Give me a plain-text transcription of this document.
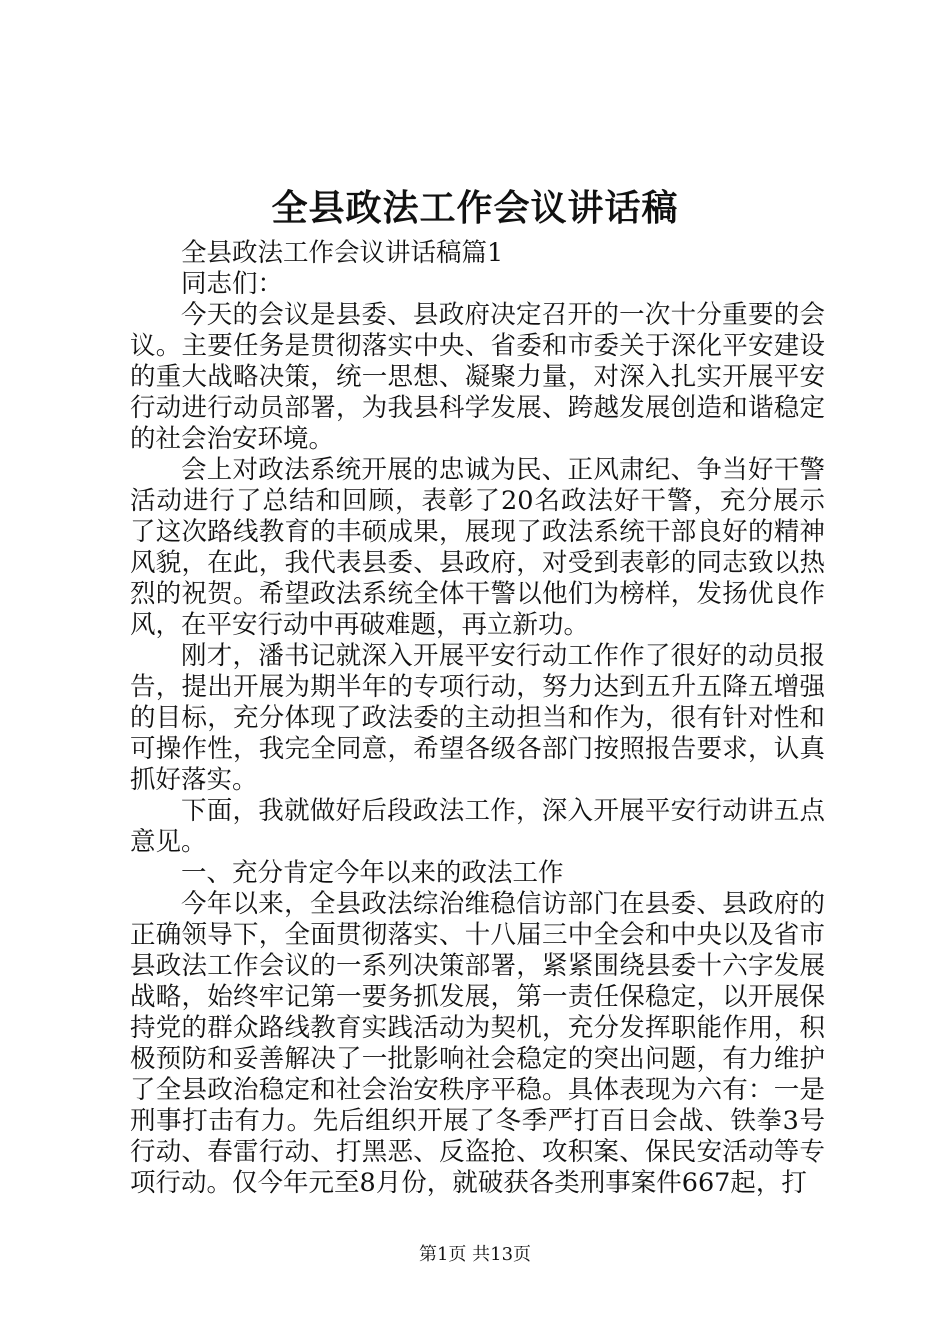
全县政法工作会议讲话稿

全县政法工作会议讲话稿篇1

同志们：

今天的会议是县委、县政府决定召开的一次十分重要的会议。主要任务是贯彻落实中央、省委和市委关于深化平安建设的重大战略决策，统一思想、凝聚力量，对深入扎实开展平安行动进行动员部署，为我县科学发展、跨越发展创造和谐稳定的社会治安环境。

会上对政法系统开展的忠诚为民、正风肃纪、争当好干警活动进行了总结和回顾，表彰了20名政法好干警，充分展示了这次路线教育的丰硕成果，展现了政法系统干部良好的精神风貌，在此，我代表县委、县政府，对受到表彰的同志致以热烈的祝贺。希望政法系统全体干警以他们为榜样，发扬优良作风，在平安行动中再破难题，再立新功。

刚才，潘书记就深入开展平安行动工作作了很好的动员报告，提出开展为期半年的专项行动，努力达到五升五降五增强的目标，充分体现了政法委的主动担当和作为，很有针对性和可操作性，我完全同意，希望各级各部门按照报告要求，认真抓好落实。

下面，我就做好后段政法工作，深入开展平安行动讲五点意见。

一、充分肯定今年以来的政法工作

今年以来，全县政法综治维稳信访部门在县委、县政府的正确领导下，全面贯彻落实、十八届三中全会和中央以及省市县政法工作会议的一系列决策部署，紧紧围绕县委十六字发展战略，始终牢记第一要务抓发展，第一责任保稳定，以开展保持党的群众路线教育实践活动为契机，充分发挥职能作用，积极预防和妥善解决了一批影响社会稳定的突出问题，有力维护了全县政治稳定和社会治安秩序平稳。具体表现为六有：一是刑事打击有力。先后组织开展了冬季严打百日会战、铁拳3号行动、春雷行动、打黑恶、反盗抢、攻积案、保民安活动等专项行动。仅今年元至8月份，就破获各类刑事案件667起，打

第1页 共13页
